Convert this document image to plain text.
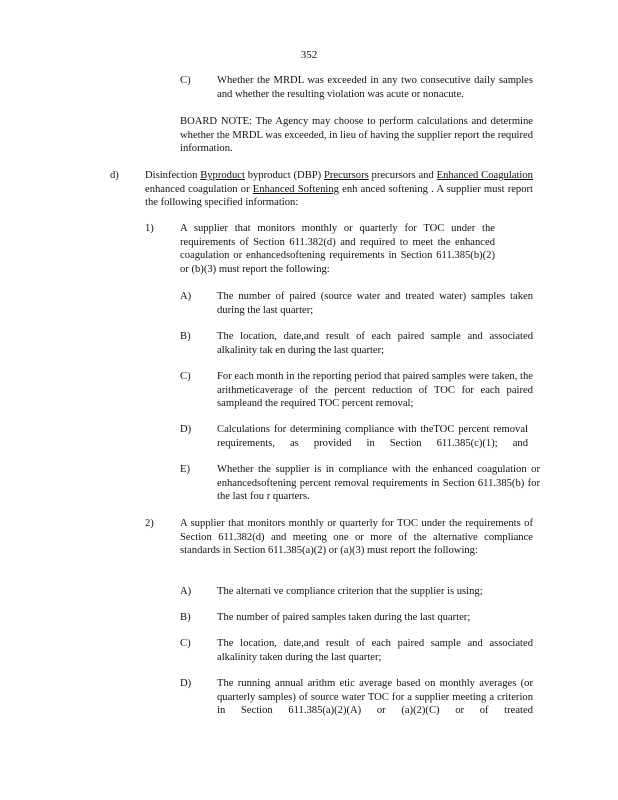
352
C) Whether the MRDL was exceeded in any two consecutive daily samples and whether the resulting violation was acute or nonacute.
BOARD NOTE: The Agency may choose to perform calculations and determine whether the MRDL was exceeded, in lieu of having the supplier report the required information.
d) Disinfection Byproduct byproduct (DBP) Precursors precursors and Enhanced Coagulation enhanced coagulation or Enhanced Softening enh anced softening . A supplier must report the following specified information:
1) A supplier that monitors monthly or quarterly for TOC under the requirements of Section 611.382(d) and required to meet the enhanced coagulation or enhancedsoftening requirements in Section 611.385(b)(2) or (b)(3) must report the following:
A) The number of paired (source water and treated water) samples taken during the last quarter;
B) The location, date,and result of each paired sample and associated alkalinity tak en during the last quarter;
C) For each month in the reporting period that paired samples were taken, the arithmeticaverage of the percent reduction of TOC for each paired sampleand the required TOC percent removal;
D) Calculations for determining compliance with theTOC percent removal requirements, as provided in Section 611.385(c)(1); and
E)	Whether the supplier is in compliance with the enhanced coagulation or enhancedsoftening percent removal requirements in Section 611.385(b) for the last fou r quarters.
2) A supplier that monitors monthly or quarterly for TOC under the requirements of Section 611.382(d) and meeting one or more of the alternative compliance standards in Section 611.385(a)(2) or (a)(3) must report the following:
A) The alternati ve compliance criterion that the supplier is using;
B) The number of paired samples taken during the last quarter;
C) The location, date,and result of each paired sample and associated alkalinity taken during the last quarter;
D) The running annual arithm etic average based on monthly averages (or quarterly samples) of source water TOC for a supplier meeting a criterion in Section 611.385(a)(2)(A) or (a)(2)(C) or of treated
